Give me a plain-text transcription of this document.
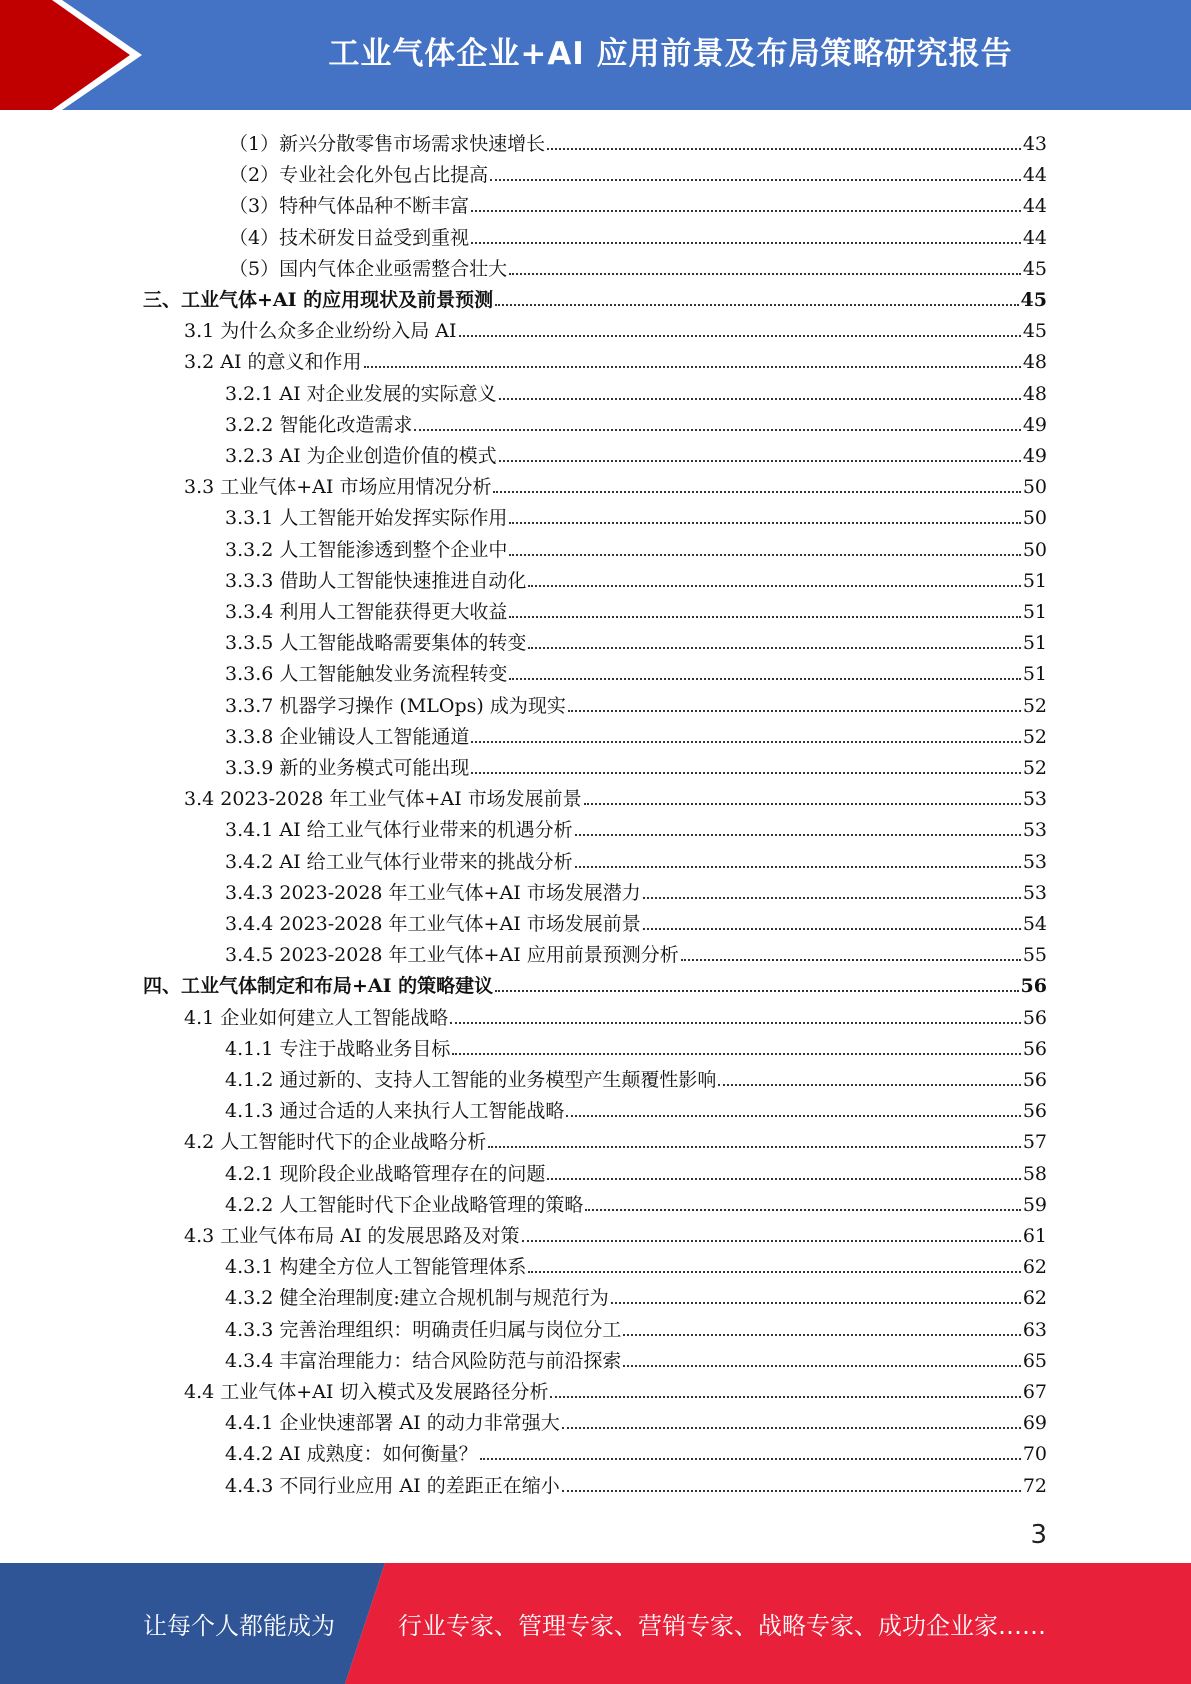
工业气体企业+AI 应用前景及布局策略研究报告
（1）新兴分散零售市场需求快速增长	43
（2）专业社会化外包占比提高	44
（3）特种气体品种不断丰富	44
（4）技术研发日益受到重视	44
（5）国内气体企业亟需整合壮大	45
三、工业气体+AI 的应用现状及前景预测	45
3.1 为什么众多企业纷纷入局 AI	45
3.2 AI 的意义和作用	48
3.2.1 AI 对企业发展的实际意义	48
3.2.2 智能化改造需求	49
3.2.3 AI 为企业创造价值的模式	49
3.3 工业气体+AI 市场应用情况分析	50
3.3.1 人工智能开始发挥实际作用	50
3.3.2 人工智能渗透到整个企业中	50
3.3.3 借助人工智能快速推进自动化	51
3.3.4 利用人工智能获得更大收益	51
3.3.5 人工智能战略需要集体的转变	51
3.3.6 人工智能触发业务流程转变	51
3.3.7 机器学习操作 (MLOps) 成为现实	52
3.3.8 企业铺设人工智能通道	52
3.3.9 新的业务模式可能出现	52
3.4 2023-2028 年工业气体+AI 市场发展前景	53
3.4.1 AI 给工业气体行业带来的机遇分析	53
3.4.2 AI 给工业气体行业带来的挑战分析	53
3.4.3 2023-2028 年工业气体+AI 市场发展潜力	53
3.4.4 2023-2028 年工业气体+AI 市场发展前景	54
3.4.5 2023-2028 年工业气体+AI 应用前景预测分析	55
四、工业气体制定和布局+AI 的策略建议	56
4.1 企业如何建立人工智能战略	56
4.1.1 专注于战略业务目标	56
4.1.2 通过新的、支持人工智能的业务模型产生颠覆性影响	56
4.1.3 通过合适的人来执行人工智能战略	56
4.2 人工智能时代下的企业战略分析	57
4.2.1 现阶段企业战略管理存在的问题	58
4.2.2 人工智能时代下企业战略管理的策略	59
4.3 工业气体布局 AI 的发展思路及对策	61
4.3.1 构建全方位人工智能管理体系	62
4.3.2 健全治理制度:建立合规机制与规范行为	62
4.3.3 完善治理组织：明确责任归属与岗位分工	63
4.3.4 丰富治理能力：结合风险防范与前沿探索	65
4.4 工业气体+AI 切入模式及发展路径分析	67
4.4.1 企业快速部署 AI 的动力非常强大	69
4.4.2 AI 成熟度：如何衡量？	70
4.4.3 不同行业应用 AI 的差距正在缩小	72
3
让每个人都能成为	行业专家、管理专家、营销专家、战略专家、成功企业家……
